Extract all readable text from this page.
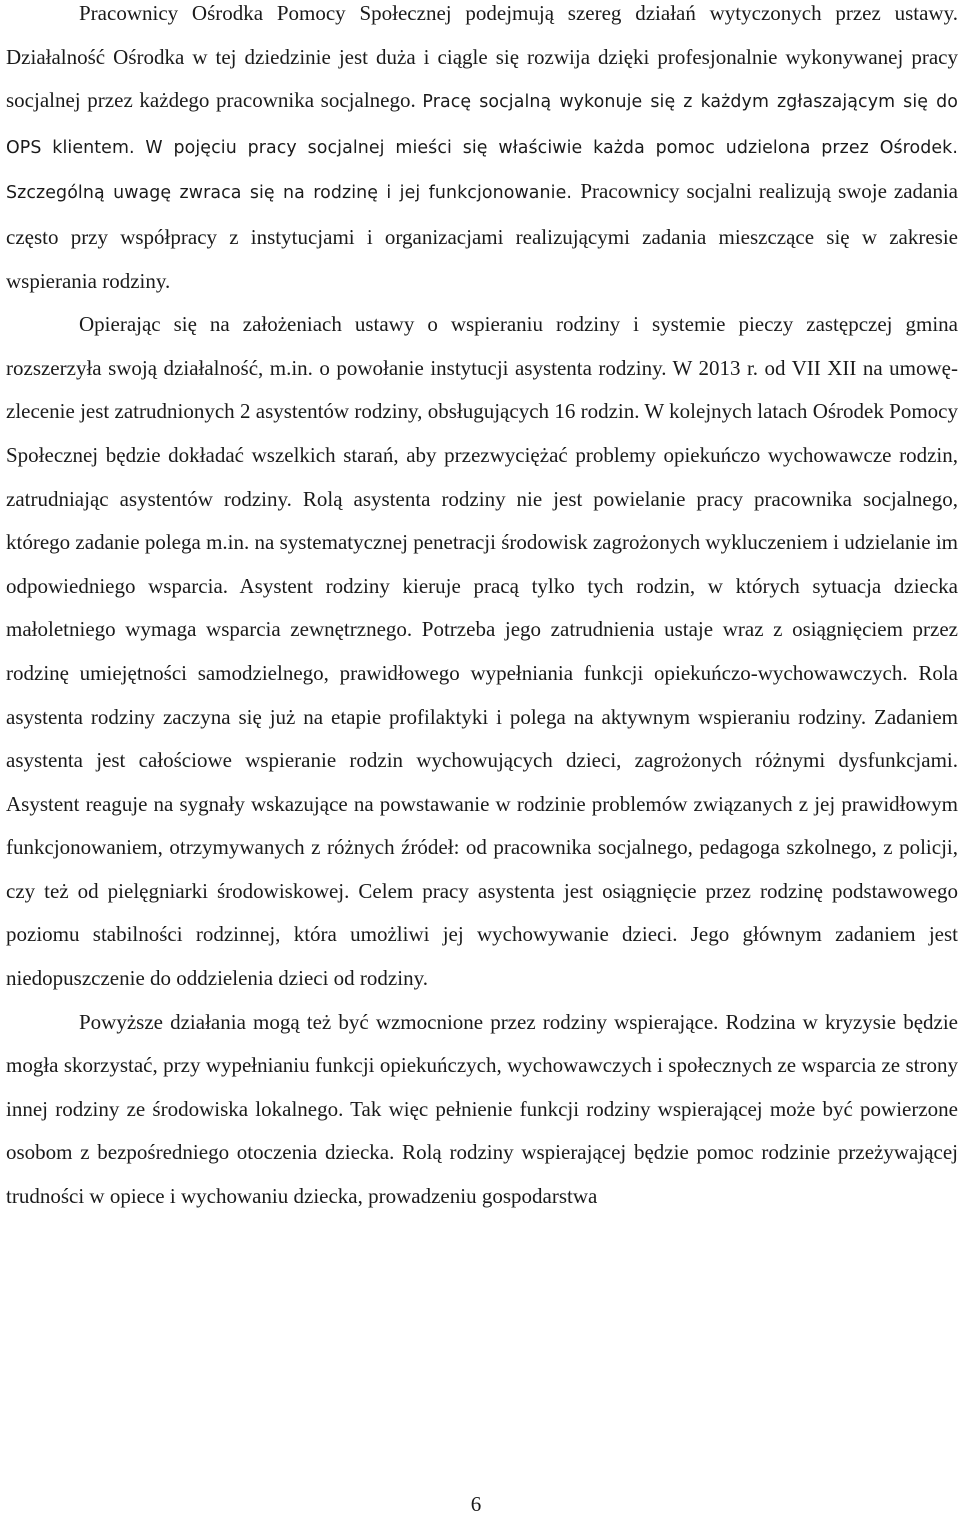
Pracownicy Ośrodka Pomocy Społecznej podejmują szereg działań wytyczonych przez ustawy. Działalność Ośrodka w tej dziedzinie jest duża i ciągle się rozwija dzięki profesjonalnie wykonywanej pracy socjalnej przez każdego pracownika socjalnego. Pracę socjalną wykonuje się z każdym zgłaszającym się do OPS klientem. W pojęciu pracy socjalnej mieści się właściwie każda pomoc udzielona przez Ośrodek. Szczególną uwagę zwraca się na rodzinę i jej funkcjonowanie. Pracownicy socjalni realizują swoje zadania często przy współpracy z instytucjami i organizacjami realizującymi zadania mieszczące się w zakresie wspierania rodziny.

Opierając się na założeniach ustawy o wspieraniu rodziny i systemie pieczy zastępczej gmina rozszerzyła swoją działalność, m.in. o powołanie instytucji asystenta rodziny. W 2013 r. od VII XII na umowę-zlecenie jest zatrudnionych 2 asystentów rodziny, obsługujących 16 rodzin. W kolejnych latach Ośrodek Pomocy Społecznej będzie dokładać wszelkich starań, aby przezwyciężać problemy opiekuńczo wychowawcze rodzin, zatrudniając asystentów rodziny. Rolą asystenta rodziny nie jest powielanie pracy pracownika socjalnego, którego zadanie polega m.in. na systematycznej penetracji środowisk zagrożonych wykluczeniem i udzielanie im odpowiedniego wsparcia. Asystent rodziny kieruje pracą tylko tych rodzin, w których sytuacja dziecka małoletniego wymaga wsparcia zewnętrznego. Potrzeba jego zatrudnienia ustaje wraz z osiągnięciem przez rodzinę umiejętności samodzielnego, prawidłowego wypełniania funkcji opiekuńczo-wychowawczych. Rola asystenta rodziny zaczyna się już na etapie profilaktyki i polega na aktywnym wspieraniu rodziny. Zadaniem asystenta jest całościowe wspieranie rodzin wychowujących dzieci, zagrożonych różnymi dysfunkcjami. Asystent reaguje na sygnały wskazujące na powstawanie w rodzinie problemów związanych z jej prawidłowym funkcjonowaniem, otrzymywanych z różnych źródeł: od pracownika socjalnego, pedagoga szkolnego, z policji, czy też od pielęgniarki środowiskowej. Celem pracy asystenta jest osiągnięcie przez rodzinę podstawowego poziomu stabilności rodzinnej, która umożliwi jej wychowywanie dzieci. Jego głównym zadaniem jest niedopuszczenie do oddzielenia dzieci od rodziny.

Powyższe działania mogą też być wzmocnione przez rodziny wspierające. Rodzina w kryzysie będzie mogła skorzystać, przy wypełnianiu funkcji opiekuńczych, wychowawczych i społecznych ze wsparcia ze strony innej rodziny ze środowiska lokalnego. Tak więc pełnienie funkcji rodziny wspierającej może być powierzone osobom z bezpośredniego otoczenia dziecka. Rolą rodziny wspierającej będzie pomoc rodzinie przeżywającej trudności w opiece i wychowaniu dziecka, prowadzeniu gospodarstwa

6
